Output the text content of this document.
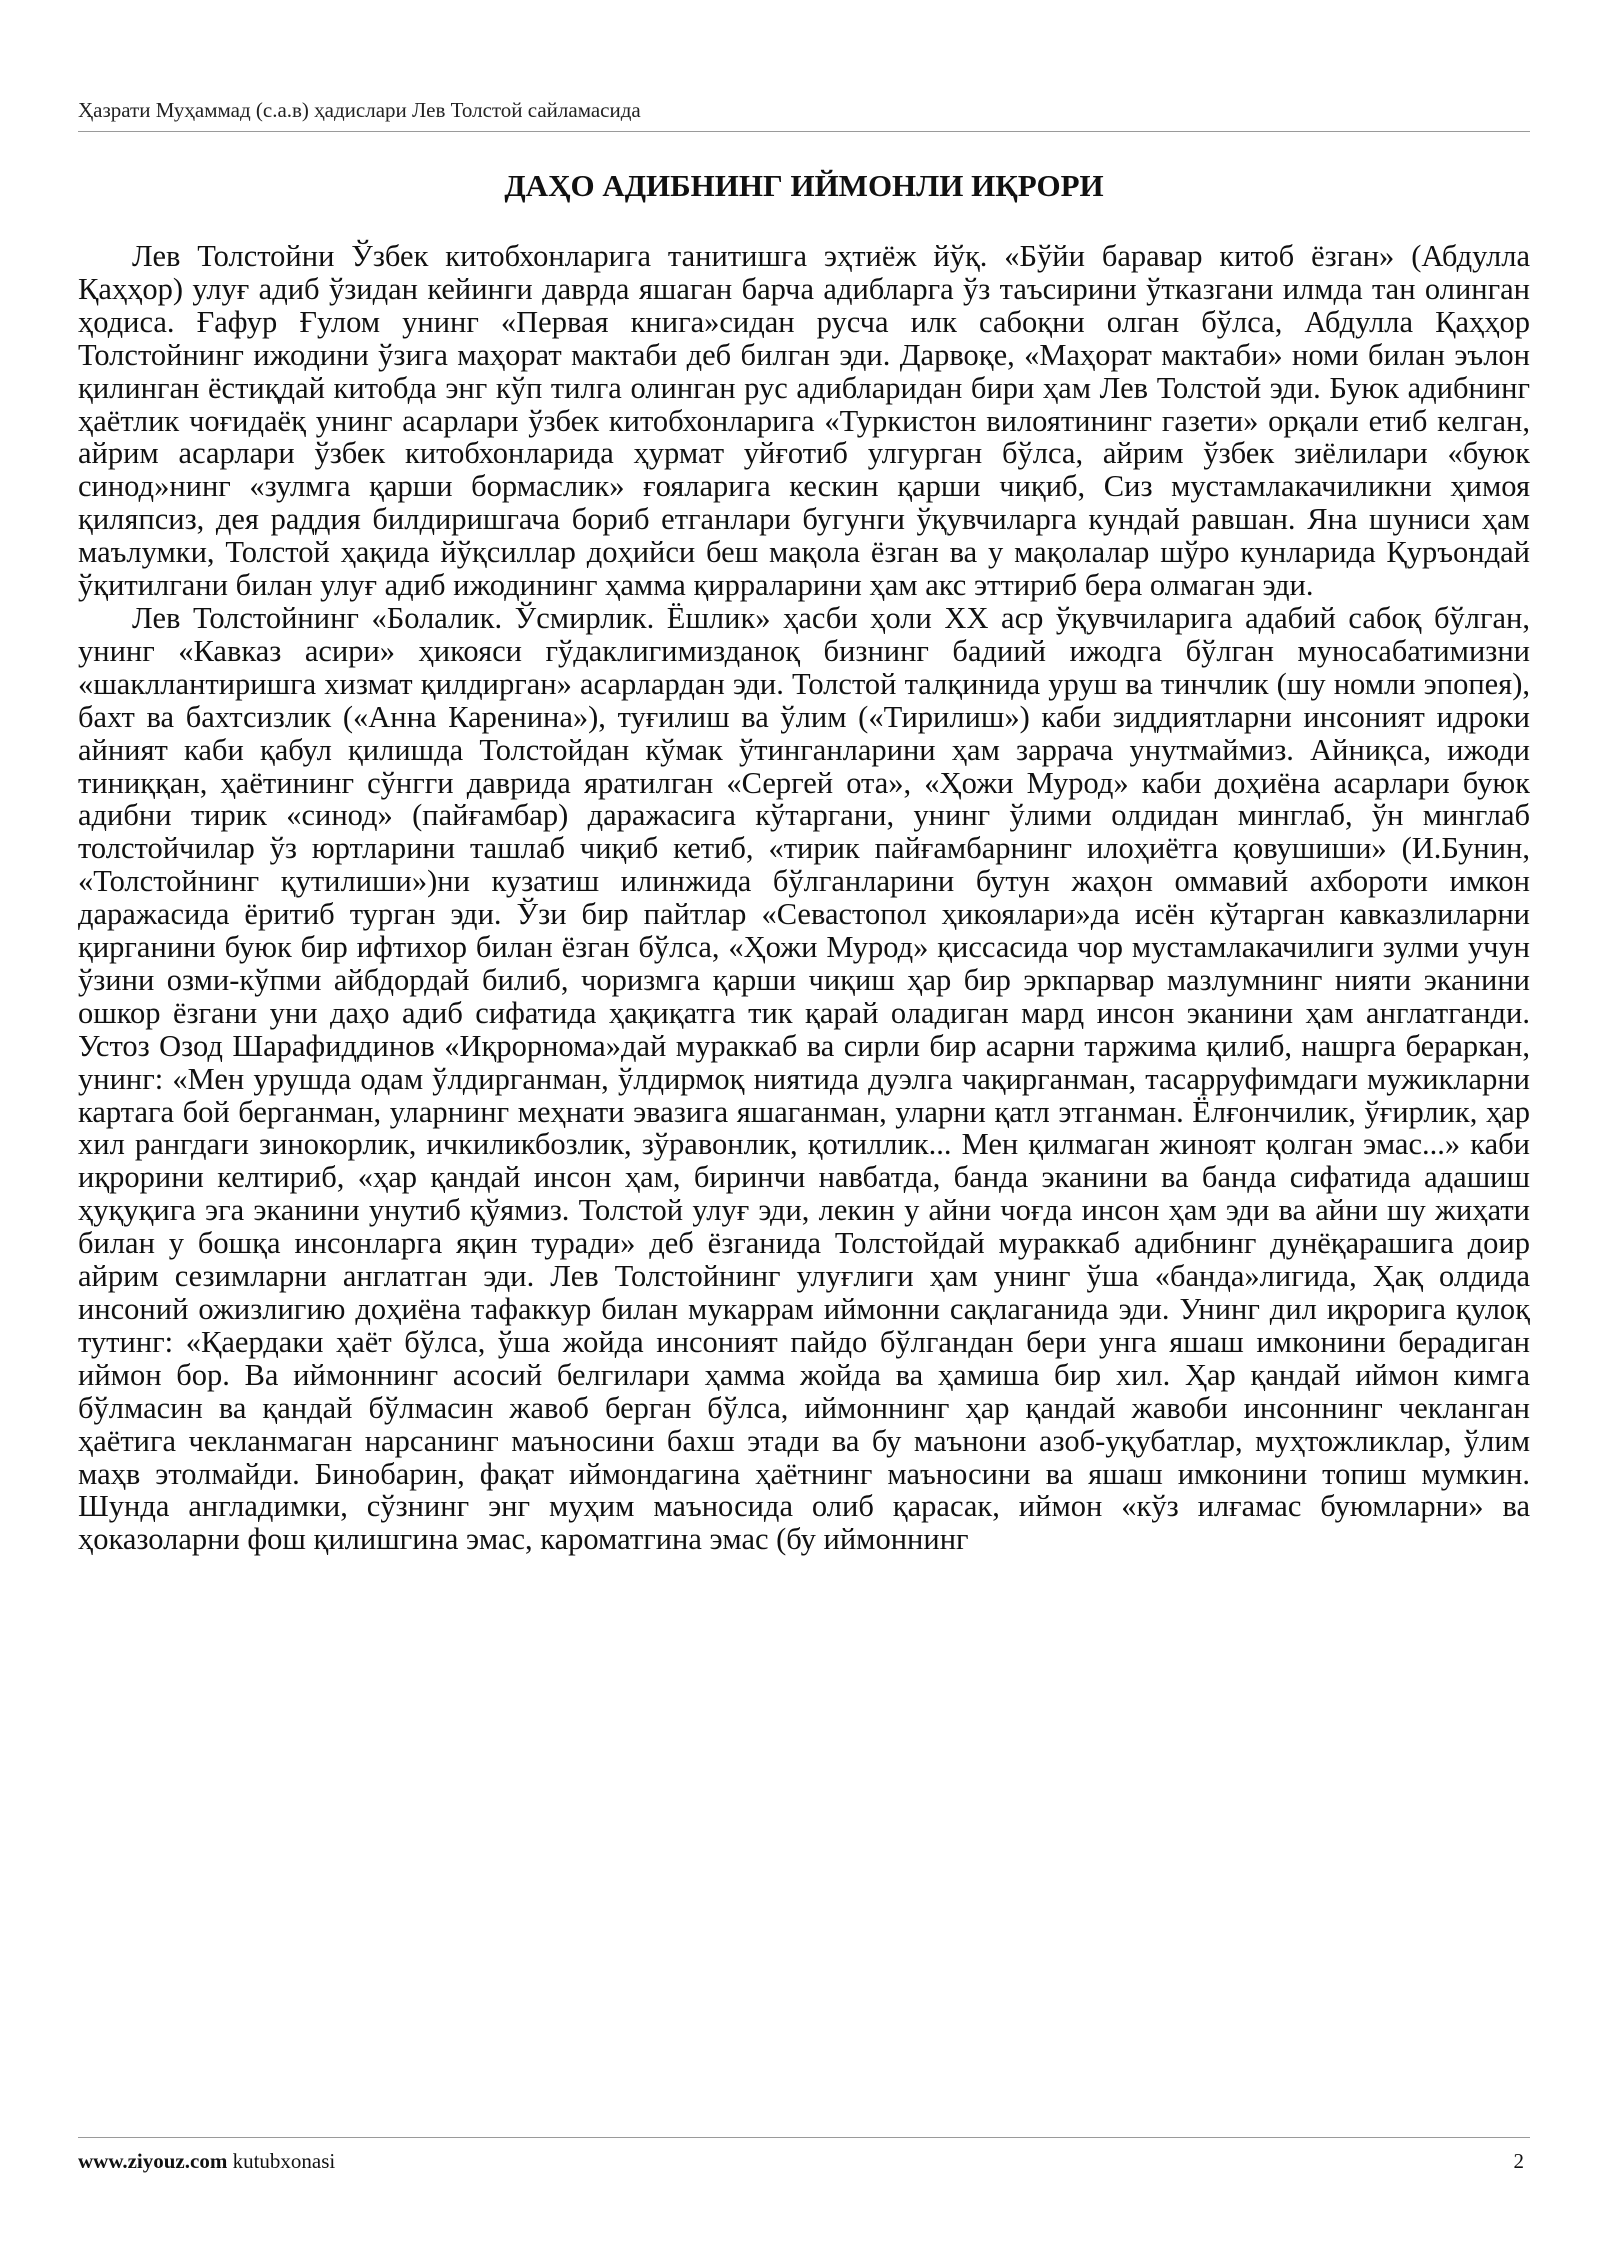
Ҳазрати Муҳаммад (с.а.в) ҳадислари Лев Толстой сайламасида
ДАҲО АДИБНИНГ ИЙМОНЛИ ИҚРОРИ

Лев Толстойни Ўзбек китобхонларига танитишга эҳтиёж йўқ. «Бўйи баравар китоб ёзган» (Абдулла Қаҳҳор) улуғ адиб ўзидан кейинги даврда яшаган барча адибларга ўз таъсирини ўтказгани илмда тан олинган ҳодиса. Ғафур Ғулом унинг «Первая книга»сидан русча илк сабоқни олган бўлса, Абдулла Қаҳҳор Толстойнинг ижодини ўзига маҳорат мактаби деб билган эди. Дарвоқе, «Маҳорат мактаби» номи билан эълон қилинган ёстиқдай китобда энг кўп тилга олинган рус адибларидан бири ҳам Лев Толстой эди. Буюк адибнинг ҳаётлик чоғидаёқ унинг асарлари ўзбек китобхонларига «Туркистон вилоятининг газети» орқали етиб келган, айрим асарлари ўзбек китобхонларида ҳурмат уйғотиб улгурган бўлса, айрим ўзбек зиёлилари «буюк синод»нинг «зулмга қарши бормаслик» ғояларига кескин қарши чиқиб, Сиз мустамлакачиликни ҳимоя қиляпсиз, дея раддия билдиришгача бориб етганлари бугунги ўқувчиларга кундай равшан. Яна шуниси ҳам маълумки, Толстой ҳақида йўқсиллар доҳийси беш мақола ёзган ва у мақолалар шўро кунларида Қуръондай ўқитилгани билан улуғ адиб ижодининг ҳамма қирраларини ҳам акс эттириб бера олмаган эди.

Лев Толстойнинг «Болалик. Ўсмирлик. Ёшлик» ҳасби ҳоли XX аср ўқувчиларига адабий сабоқ бўлган, унинг «Кавказ асири» ҳикояси гўдаклигимизданоқ бизнинг бадиий ижодга бўлган муносабатимизни «шакллантиришга хизмат қилдирган» асарлардан эди. Толстой талқинида уруш ва тинчлик (шу номли эпопея), бахт ва бахтсизлик («Анна Каренина»), туғилиш ва ўлим («Тирилиш») каби зиддиятларни инсоният идроки айният каби қабул қилишда Толстойдан кўмак ўтинганларини ҳам заррача унутмаймиз. Айниқса, ижоди тиниққан, ҳаётининг сўнгги даврида яратилган «Сергей ота», «Ҳожи Мурод» каби доҳиёна асарлари буюк адибни тирик «синод» (пайғамбар) даражасига кўтаргани, унинг ўлими олдидан минглаб, ўн минглаб толстойчилар ўз юртларини ташлаб чиқиб кетиб, «тирик пайғамбарнинг илоҳиётга қовушиши» (И.Бунин, «Толстойнинг қутилиши»)ни кузатиш илинжида бўлганларини бутун жаҳон оммавий ахбороти имкон даражасида ёритиб турган эди. Ўзи бир пайтлар «Севастопол ҳикоялари»да исён кўтарган кавказлиларни қирганини буюк бир ифтихор билан ёзган бўлса, «Ҳожи Мурод» қиссасида чор мустамлакачилиги зулми учун ўзини озми-кўпми айбдордай билиб, чоризмга қарши чиқиш ҳар бир эркпарвар мазлумнинг нияти эканини ошкор ёзгани уни даҳо адиб сифатида ҳақиқатга тик қарай оладиган мард инсон эканини ҳам англатганди. Устоз Озод Шарафиддинов «Иқрорнома»дай мураккаб ва сирли бир асарни таржима қилиб, нашрга бераркан, унинг: «Мен урушда одам ўлдирганман, ўлдирмоқ ниятида дуэлга чақирганман, тасарруфимдаги мужикларни картага бой берганман, уларнинг меҳнати эвазига яшаганман, уларни қатл этганман. Ёлғончилик, ўғирлик, ҳар хил рангдаги зинокорлик, ичкиликбозлик, зўравонлик, қотиллик... Мен қилмаган жиноят қолган эмас...» каби иқрорини келтириб, «ҳар қандай инсон ҳам, биринчи навбатда, банда эканини ва банда сифатида адашиш ҳуқуқига эга эканини унутиб қўямиз. Толстой улуғ эди, лекин у айни чоғда инсон ҳам эди ва айни шу жиҳати билан у бошқа инсонларга яқин туради» деб ёзганида Толстойдай мураккаб адибнинг дунёқарашига доир айрим сезимларни англатган эди. Лев Толстойнинг улуғлиги ҳам унинг ўша «банда»лигида, Ҳақ олдида инсоний ожизлигию доҳиёна тафаккур билан мукаррам иймонни сақлаганида эди. Унинг дил иқрорига қулоқ тутинг: «Қаердаки ҳаёт бўлса, ўша жойда инсоният пайдо бўлгандан бери унга яшаш имконини берадиган иймон бор. Ва иймоннинг асосий белгилари ҳамма жойда ва ҳамиша бир хил. Ҳар қандай иймон кимга бўлмасин ва қандай бўлмасин жавоб берган бўлса, иймоннинг ҳар қандай жавоби инсоннинг чекланган ҳаётига чекланмаган нарсанинг маъносини бахш этади ва бу маънони азоб-уқубатлар, муҳтожликлар, ўлим маҳв этолмайди. Бинобарин, фақат иймондагина ҳаётнинг маъносини ва яшаш имконини топиш мумкин. Шунда англадимки, сўзнинг энг муҳим маъносида олиб қарасак, иймон «кўз илғамас буюмларни» ва ҳоказоларни фош қилишгина эмас, кароматгина эмас (бу иймоннинг

www.ziyouz.com kutubxonasi	2
